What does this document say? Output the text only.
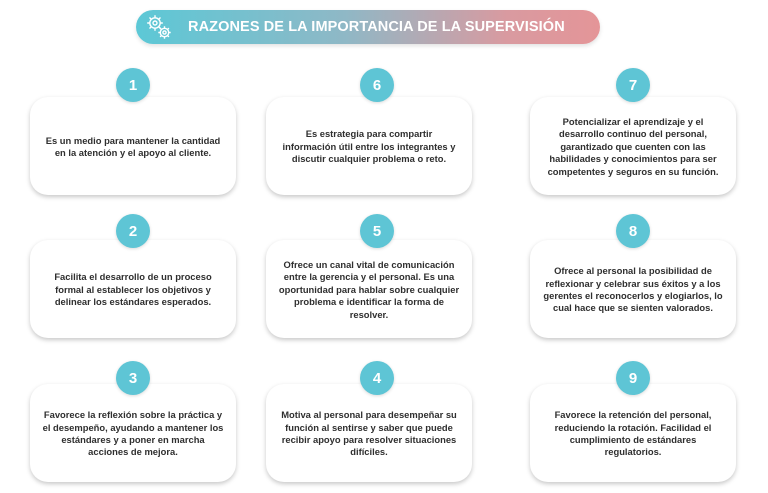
RAZONES DE LA IMPORTANCIA DE LA SUPERVISIÓN
Es un medio para mantener la cantidad en la atención y el apoyo al cliente.
1
Es estrategia para compartir información útil entre los integrantes y discutir cualquier problema o reto.
6
Potencializar el aprendizaje y el desarrollo continuo del personal, garantizado que cuenten con las habilidades y conocimientos para ser competentes y seguros en su función.
7
Facilita el desarrollo de un proceso formal al establecer los objetivos y delinear los estándares esperados.
2
Ofrece un canal vital de comunicación entre la gerencia y el personal. Es una oportunidad para hablar sobre cualquier problema e identificar la forma de resolver.
5
Ofrece al personal la posibilidad de reflexionar y celebrar sus éxitos y a los gerentes el reconocerlos y elogiarlos, lo cual hace que se sienten valorados.
8
Favorece la reflexión sobre la práctica y el desempeño, ayudando a mantener los estándares y a poner en marcha acciones de mejora.
3
Motiva al personal para desempeñar su función al sentirse y saber que puede recibir apoyo para resolver situaciones difíciles.
4
Favorece la retención del personal, reduciendo la rotación. Facilidad el cumplimiento de estándares regulatorios.
9
